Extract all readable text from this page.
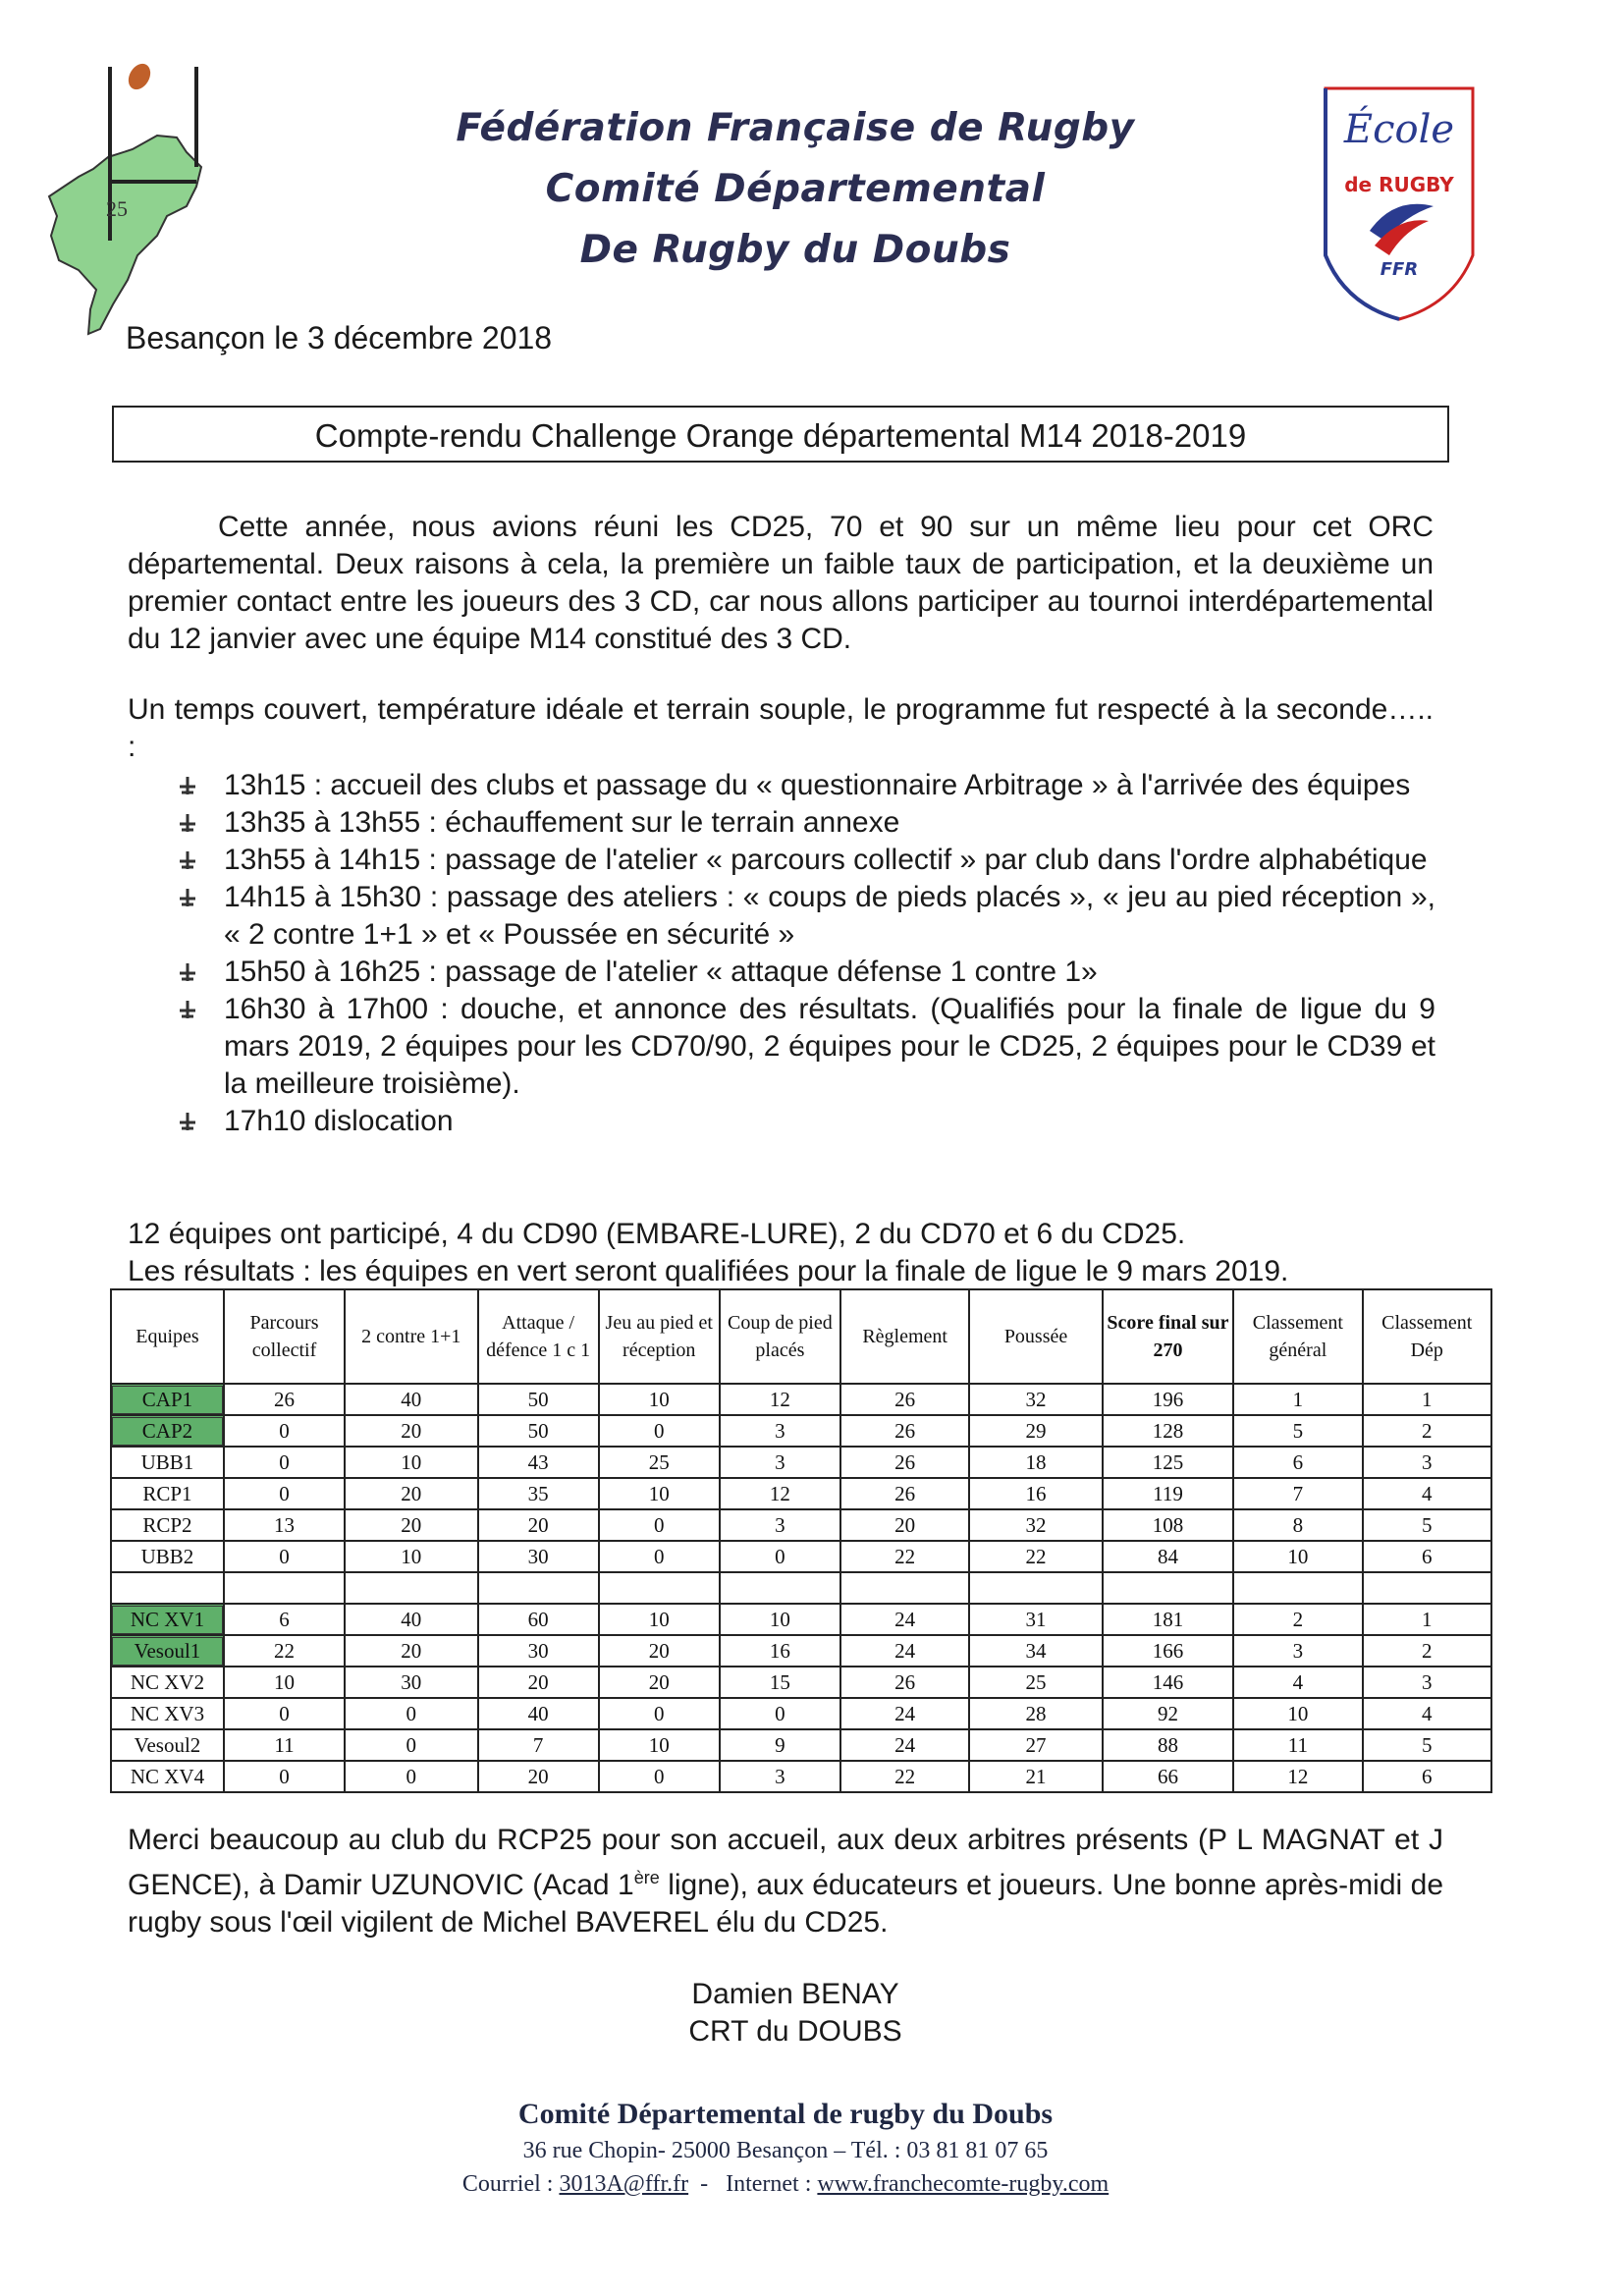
25
Fédération Française de Rugby
Comité Départemental
De Rugby du Doubs
École
de RUGBY
FFR
Besançon le 3 décembre 2018
Compte-rendu Challenge Orange départemental M14 2018-2019
Cette année, nous avions réuni les CD25, 70 et 90 sur un même lieu pour cet ORC départemental. Deux raisons à cela, la première un faible taux de participation, et la deuxième un premier contact entre les joueurs des 3 CD, car nous allons participer au tournoi interdépartemental du 12 janvier avec une équipe M14 constitué des 3 CD.
Un temps couvert, température idéale et terrain souple, le programme fut respecté à la seconde….. :
13h15 : accueil des clubs et passage du « questionnaire Arbitrage » à l'arrivée des équipes
13h35 à 13h55 : échauffement sur le terrain annexe
13h55 à 14h15 : passage de l'atelier « parcours collectif » par club dans l'ordre alphabétique
14h15 à 15h30 : passage des ateliers : « coups de pieds placés », « jeu au pied réception », « 2 contre 1+1 » et « Poussée en sécurité »
15h50 à 16h25 : passage de l'atelier « attaque défense 1 contre 1»
16h30 à 17h00 : douche, et annonce des résultats. (Qualifiés pour la finale de ligue du 9 mars 2019, 2 équipes pour les CD70/90, 2 équipes pour le CD25, 2 équipes pour le CD39 et la meilleure troisième).
17h10 dislocation
12 équipes ont participé, 4 du CD90 (EMBARE-LURE), 2 du CD70 et 6 du CD25.
Les résultats : les équipes en vert seront qualifiées pour la finale de ligue le 9 mars 2019.
Equipes	Parcours collectif	2 contre 1+1	Attaque / défence 1 c 1	Jeu au pied et réception	Coup de pied placés	Règlement	Poussée	Score final sur 270	Classement général	Classement Dép

CAP1	26	40	50	10	12	26	32	196	1	1

CAP2	0	20	50	0	3	26	29	128	5	2
UBB1	0	10	43	25	3	26	18	125	6	3
RCP1	0	20	35	10	12	26	16	119	7	4
RCP2	13	20	20	0	3	20	32	108	8	5
UBB2	0	10	30	0	0	22	22	84	10	6

NC XV1	6	40	60	10	10	24	31	181	2	1

Vesoul1	22	20	30	20	16	24	34	166	3	2
NC XV2	10	30	20	20	15	26	25	146	4	3
NC XV3	0	0	40	0	0	24	28	92	10	4
Vesoul2	11	0	7	10	9	24	27	88	11	5
NC XV4	0	0	20	0	3	22	21	66	12	6
Merci beaucoup au club du RCP25 pour son accueil, aux deux arbitres présents (P L MAGNAT et J GENCE), à Damir UZUNOVIC (Acad 1ère ligne), aux éducateurs et joueurs. Une bonne après-midi de rugby sous l'œil vigilent de Michel BAVEREL élu du CD25.
Damien BENAY
CRT du DOUBS
Comité Départemental de rugby du Doubs
36 rue Chopin- 25000 Besançon – Tél. : 03 81 81 07 65
Courriel : 3013A@ffr.fr  -   Internet : www.franchecomte-rugby.com
